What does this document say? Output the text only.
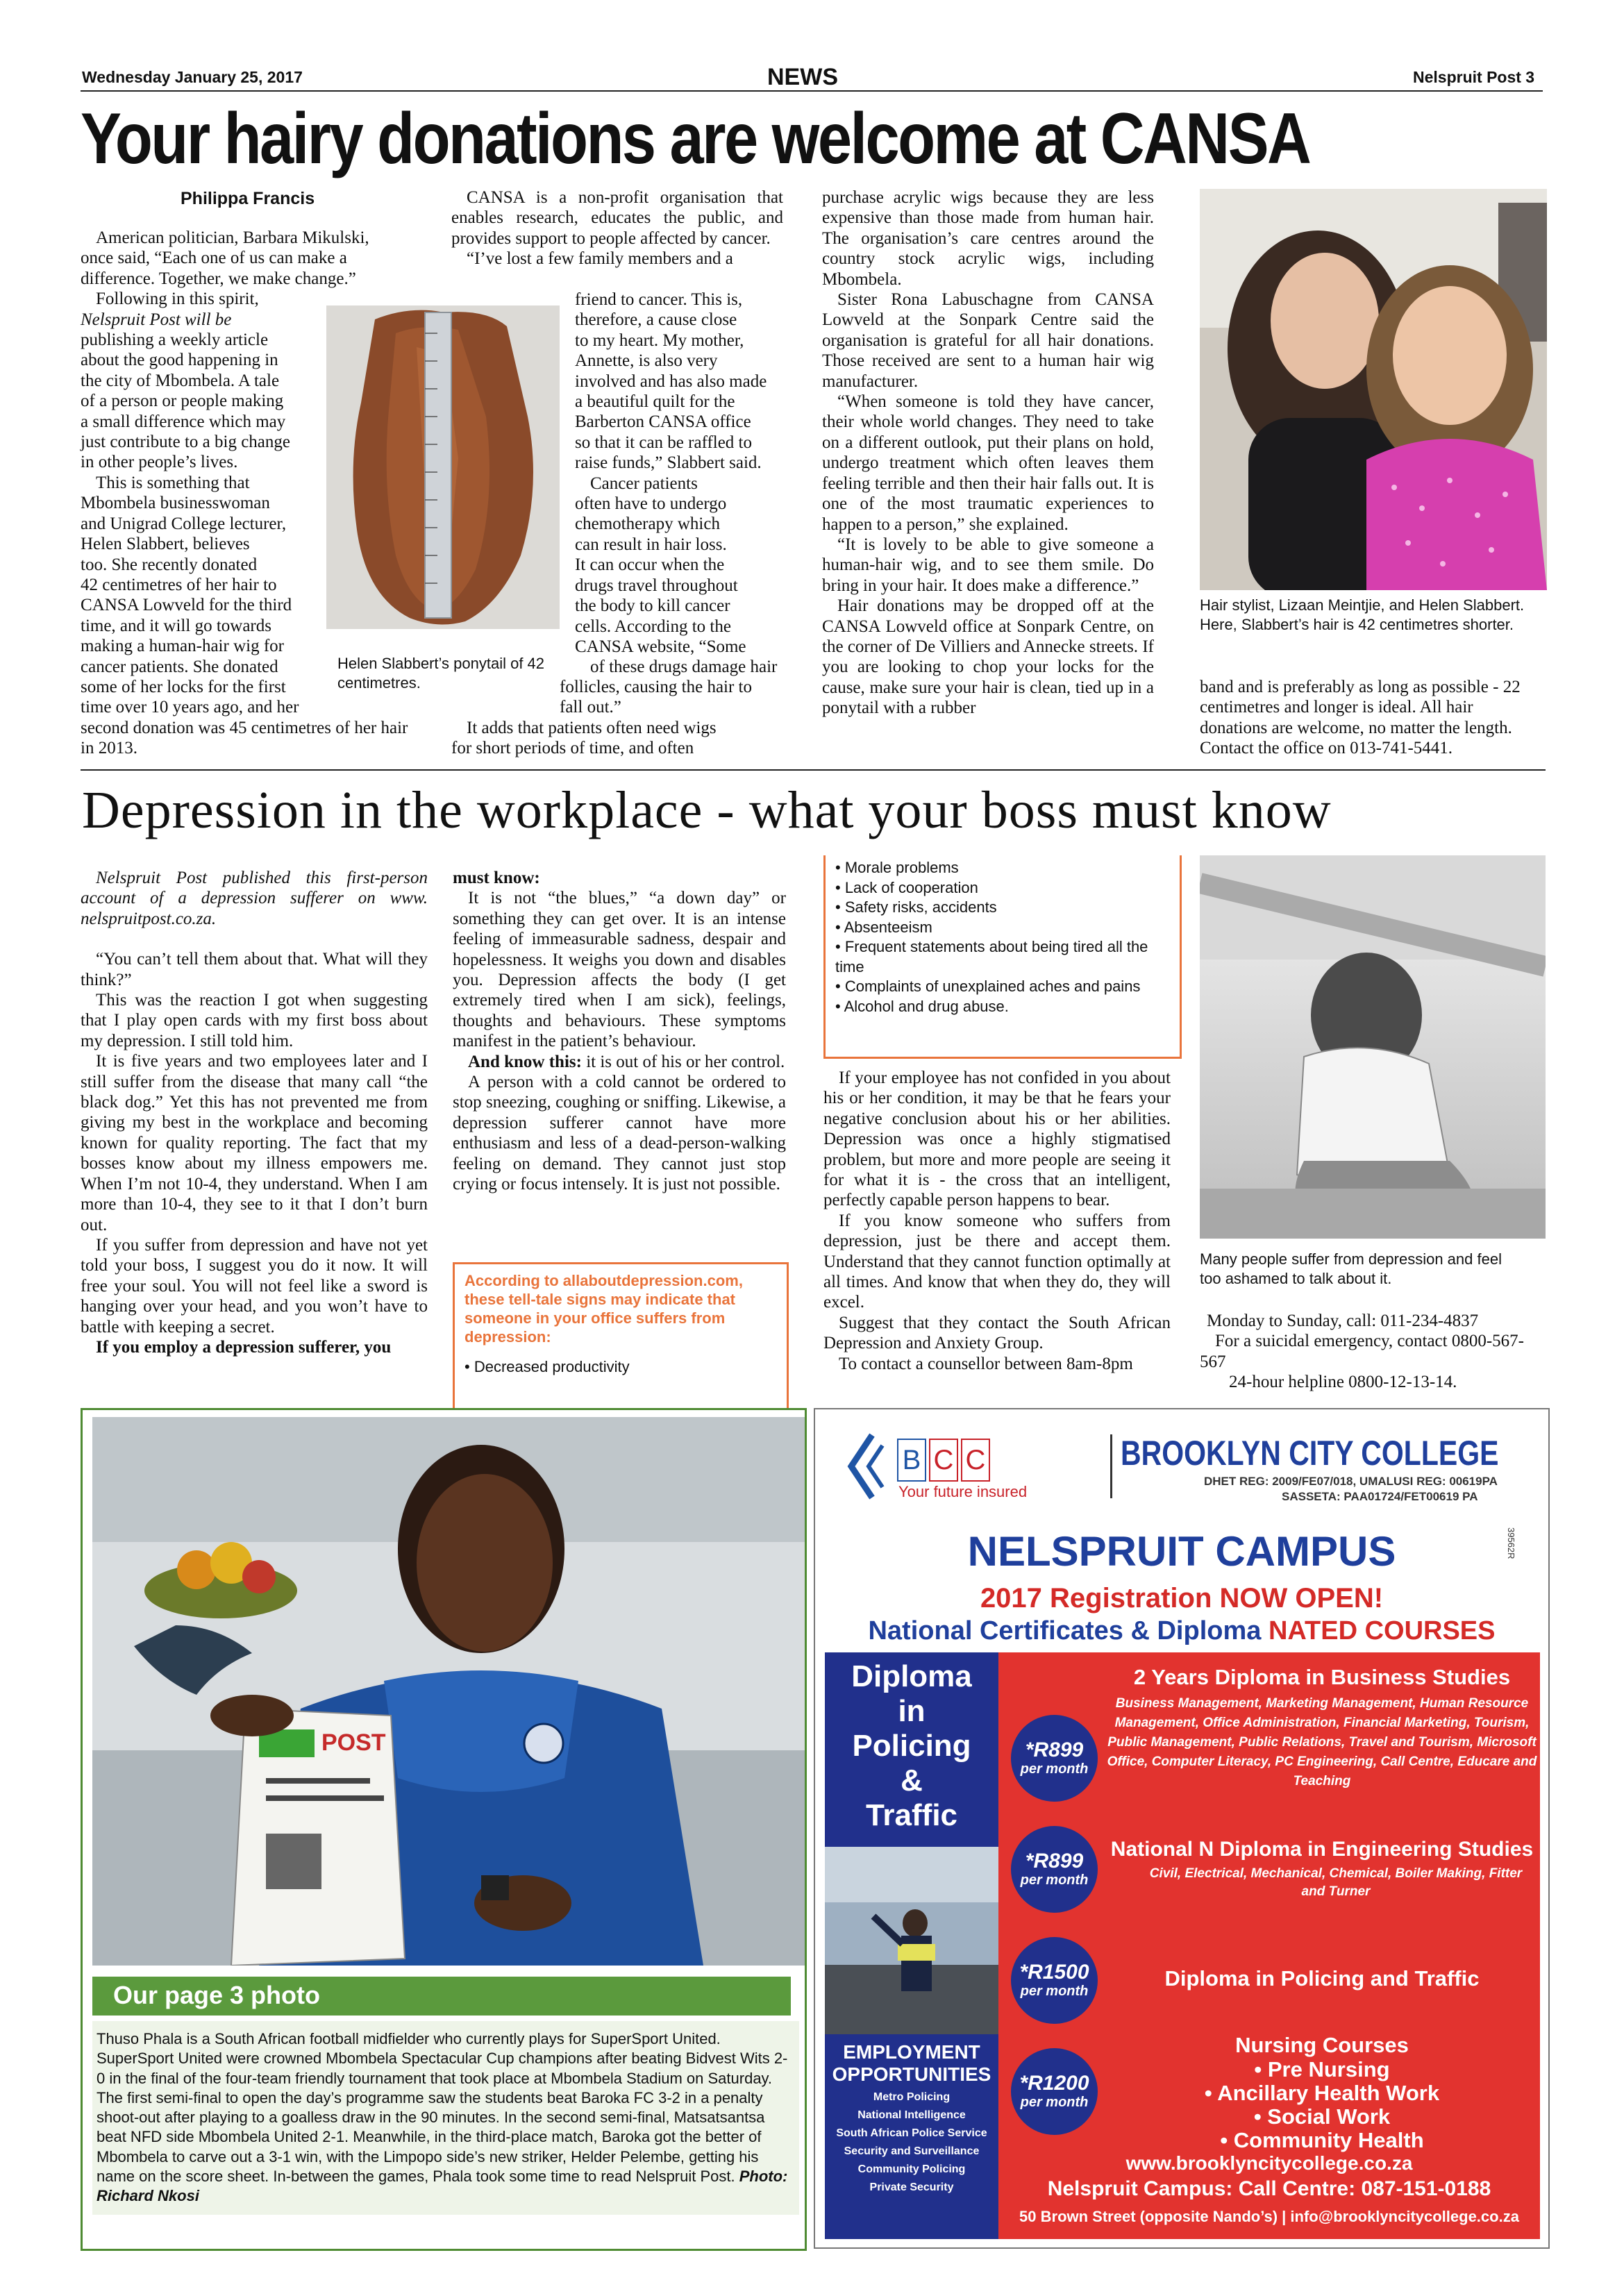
Wednesday January 25, 2017	NEWS	Nelspruit Post 3
Your hairy donations are welcome at CANSA
Philippa Francis

American politician, Barbara Mikulski, once said, “Each one of us can make a difference. Together, we make change.”

Following in this spirit,

Nelspruit Post will be

publishing a weekly article

about the good happening in

the city of Mbombela. A tale

of a person or people making

a small difference which may

just contribute to a big change

in other people’s lives.

This is something that

Mbombela businesswoman

and Unigrad College lecturer,

Helen Slabbert, believes

too. She recently donated

42 centimetres of her hair to

CANSA Lowveld for the third

time, and it will go towards

making a human-hair wig for

cancer patients. She donated

some of her locks for the first

time over 10 years ago, and her

second donation was 45 centimetres of her hair in 2013.

CANSA is a non-profit organisation that enables research, educates the public, and provides support to people affected by cancer.

“I’ve lost a few family members and a

Helen Slabbert’s ponytail of 42 centimetres.

friend to cancer. This is,

therefore, a cause close

to my heart. My mother,

Annette, is also very

involved and has also made

a beautiful quilt for the

Barberton CANSA office

so that it can be raffled to

raise funds,” Slabbert said.

Cancer patients

often have to undergo

chemotherapy which

can result in hair loss.

It can occur when the

drugs travel throughout

the body to kill cancer

cells. According to the

CANSA website, “Some

of these drugs damage hair

follicles, causing the hair to

fall out.”

It adds that patients often need wigs

for short periods of time, and often

purchase acrylic wigs because they are less expensive than those made from human hair. The organisation’s care centres around the country stock acrylic wigs, including Mbombela.

Sister Rona Labuschagne from CANSA Lowveld at the Sonpark Centre said the organisation is grateful for all hair donations. Those received are sent to a human hair wig manufacturer.

“When someone is told they have cancer, their whole world changes. They need to take on a different outlook, put their plans on hold, undergo treatment which often leaves them feeling terrible and then their hair falls out. It is one of the most traumatic experiences to happen to a person,” she explained.

“It is lovely to be able to give someone a human-hair wig, and to see them smile. Do bring in your hair. It does make a difference.”

Hair donations may be dropped off at the CANSA Lowveld office at Sonpark Centre, on the corner of De Villiers and Annecke streets. If you are looking to chop your locks for the cause, make sure your hair is clean, tied up in a ponytail with a rubber

Hair stylist, Lizaan Meintjie, and Helen Slabbert. Here, Slabbert’s hair is 42 centimetres shorter.
band and is preferably as long as possible - 22 centimetres and longer is ideal. All hair donations are welcome, no matter the length. Contact the office on 013-741-5441.
Depression in the workplace - what your boss must know

Nelspruit Post published this first-person account of a depression sufferer on www. nelspruitpost.co.za.

“You can’t tell them about that. What will they think?”

This was the reaction I got when suggesting that I play open cards with my first boss about my depression. I still told him.

It is five years and two employees later and I still suffer from the disease that many call “the black dog.” Yet this has not prevented me from giving my best in the workplace and becoming known for quality reporting. The fact that my bosses know about my illness empowers me. When I’m not 10-4, they understand. When I am more than 10-4, they see to it that I don’t burn out.

If you suffer from depression and have not yet told your boss, I suggest you do it now. It will free your soul. You will not feel like a sword is hanging over your head, and you won’t have to battle with keeping a secret.

If you employ a depression sufferer, you

must know:

It is not “the blues,” “a down day” or something they can get over. It is an intense feeling of immeasurable sadness, despair and hopelessness. It weighs you down and disables you. Depression affects the body (I get extremely tired when I am sick), feelings, thoughts and behaviours. These symptoms manifest in the patient’s behaviour.

And know this: it is out of his or her control.

A person with a cold cannot be ordered to stop sneezing, coughing or sniffing. Likewise, a depression sufferer cannot have more enthusiasm and less of a dead-person-walking feeling on demand. They cannot just stop crying or focus intensely. It is just not possible.

According to allaboutdepression.com, these tell-tale signs may indicate that someone in your office suffers from depression:
• Decreased productivity

• Morale problems

• Lack of cooperation

• Safety risks, accidents

• Absenteeism

• Frequent statements about being tired all the time

• Complaints of unexplained aches and pains

• Alcohol and drug abuse.

If your employee has not confided in you about his or her condition, it may be that he fears your negative conclusion about his or her abilities. Depression was once a highly stigmatised problem, but more and more people are seeing it for what it is - the cross that an intelligent, perfectly capable person happens to bear.

If you know someone who suffers from depression, just be there and accept them. Understand that they cannot function optimally at all times. And know that when they do, they will excel.

Suggest that they contact the South African Depression and Anxiety Group.

To contact a counsellor between 8am-8pm

Many people suffer from depression and feel too ashamed to talk about it.

Monday to Sunday, call: 011-234-4837

For a suicidal emergency, contact 0800-567-567

24-hour helpline 0800-12-13-14.

POST
Our page 3 photo
Thuso Phala is a South African football midfielder who currently plays for SuperSport United. SuperSport United were crowned Mbombela Spectacular Cup champions after beating Bidvest Wits 2-0 in the final of the four-team friendly tournament that took place at Mbombela Stadium on Saturday. The first semi-final to open the day’s programme saw the students beat Baroka FC 3-2 in a penalty shoot-out after playing to a goalless draw in the 90 minutes. In the second semi-final, Matsatsantsa beat NFD side Mbombela United 2-1. Meanwhile, in the third-place match, Baroka got the better of Mbombela to carve out a 3-1 win, with the Limpopo side’s new striker, Helder Pelembe, getting his name on the score sheet. In-between the games, Phala took some time to read Nelspruit Post. Photo: Richard Nkosi
B C C
Your future insured
BROOKLYN CITY COLLEGE
DHET REG: 2009/FE07/018, UMALUSI REG: 00619PA
SASSETA: PAA01724/FET00619 PA
39562R
NELSPRUIT CAMPUS
2017 Registration NOW OPEN!
National Certificates & Diploma NATED COURSES
Diploma
in
Policing
&
Traffic
EMPLOYMENT OPPORTUNITIES
Metro Policing
National Intelligence
South African Police Service
Security and Surveillance
Community Policing
Private Security
*R899
per month
*R899
per month
*R1500
per month
*R1200
per month
2 Years Diploma in Business Studies
Business Management, Marketing Management, Human Resource Management, Office Administration, Financial Marketing, Tourism, Public Management, Public Relations, Travel and Tourism, Microsoft Office, Computer Literacy, PC Engineering, Call Centre, Educare and Teaching
National N Diploma in Engineering Studies
Civil, Electrical, Mechanical, Chemical, Boiler Making, Fitter and Turner
Diploma in Policing and Traffic
Nursing Courses
• Pre Nursing
• Ancillary Health Work
• Social Work
• Community Health
www.brooklyncitycollege.co.za
Nelspruit Campus: Call Centre: 087-151-0188
50 Brown Street (opposite Nando’s) | info@brooklyncitycollege.co.za
